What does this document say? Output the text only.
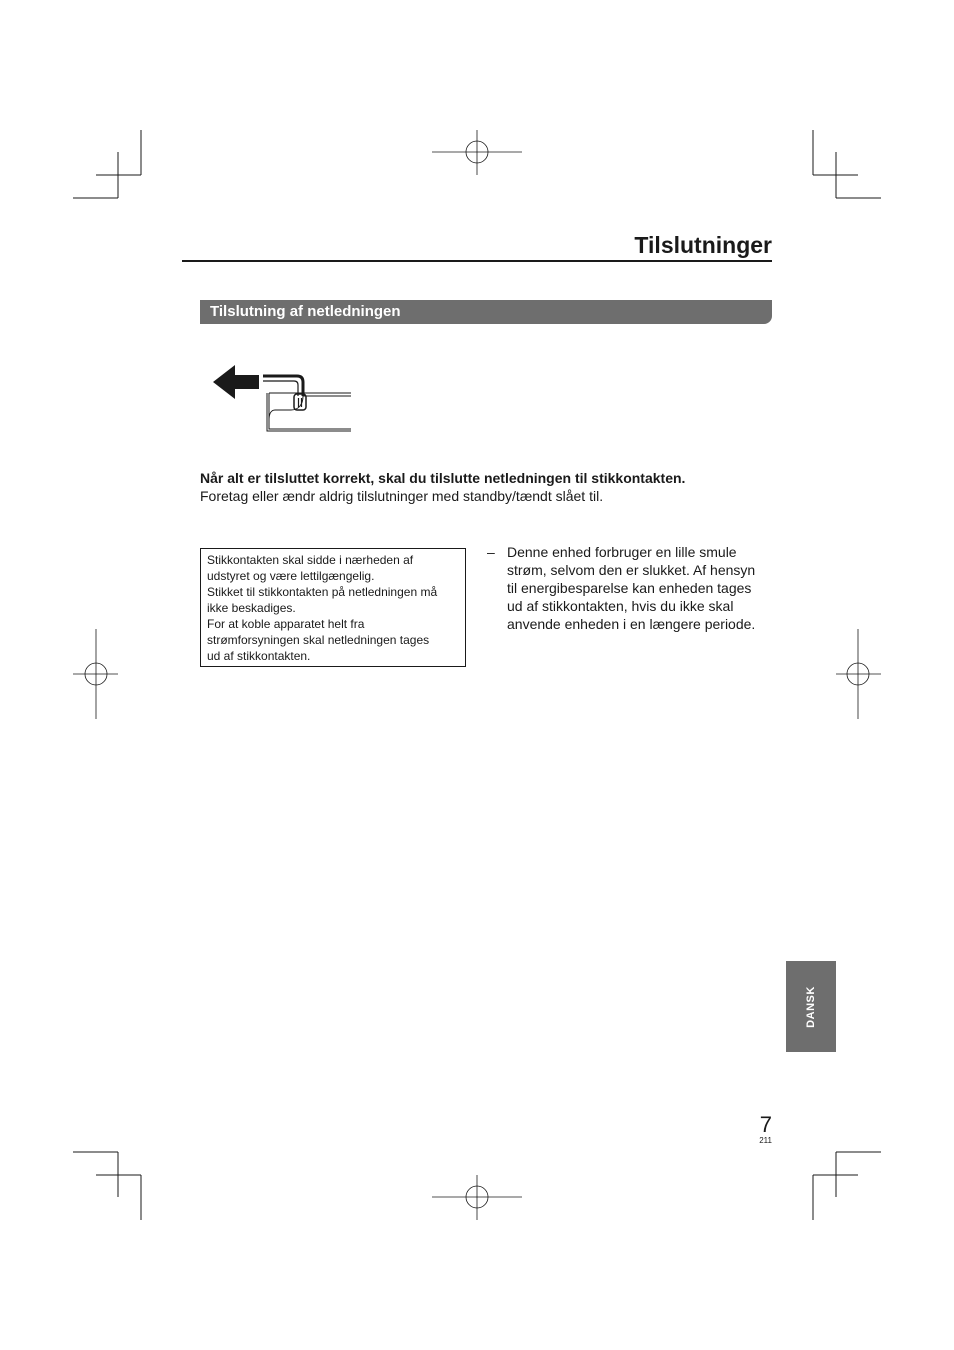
Tilslutninger
Tilslutning af netledningen
Når alt er tilsluttet korrekt, skal du tilslutte netledningen til stikkontakten.
Foretag eller ændr aldrig tilslutninger med standby/tændt slået til.
Stikkontakten skal sidde i nærheden af
udstyret og være lettilgængelig.
Stikket til stikkontakten på netledningen må
ikke beskadiges.
For at koble apparatet helt fra
strømforsyningen skal netledningen tages
ud af stikkontakten.
– Denne enhed forbruger en lille smule
strøm, selvom den er slukket. Af hensyn
til energibesparelse kan enheden tages
ud af stikkontakten, hvis du ikke skal
anvende enheden i en længere periode.
DANSK
7
211
